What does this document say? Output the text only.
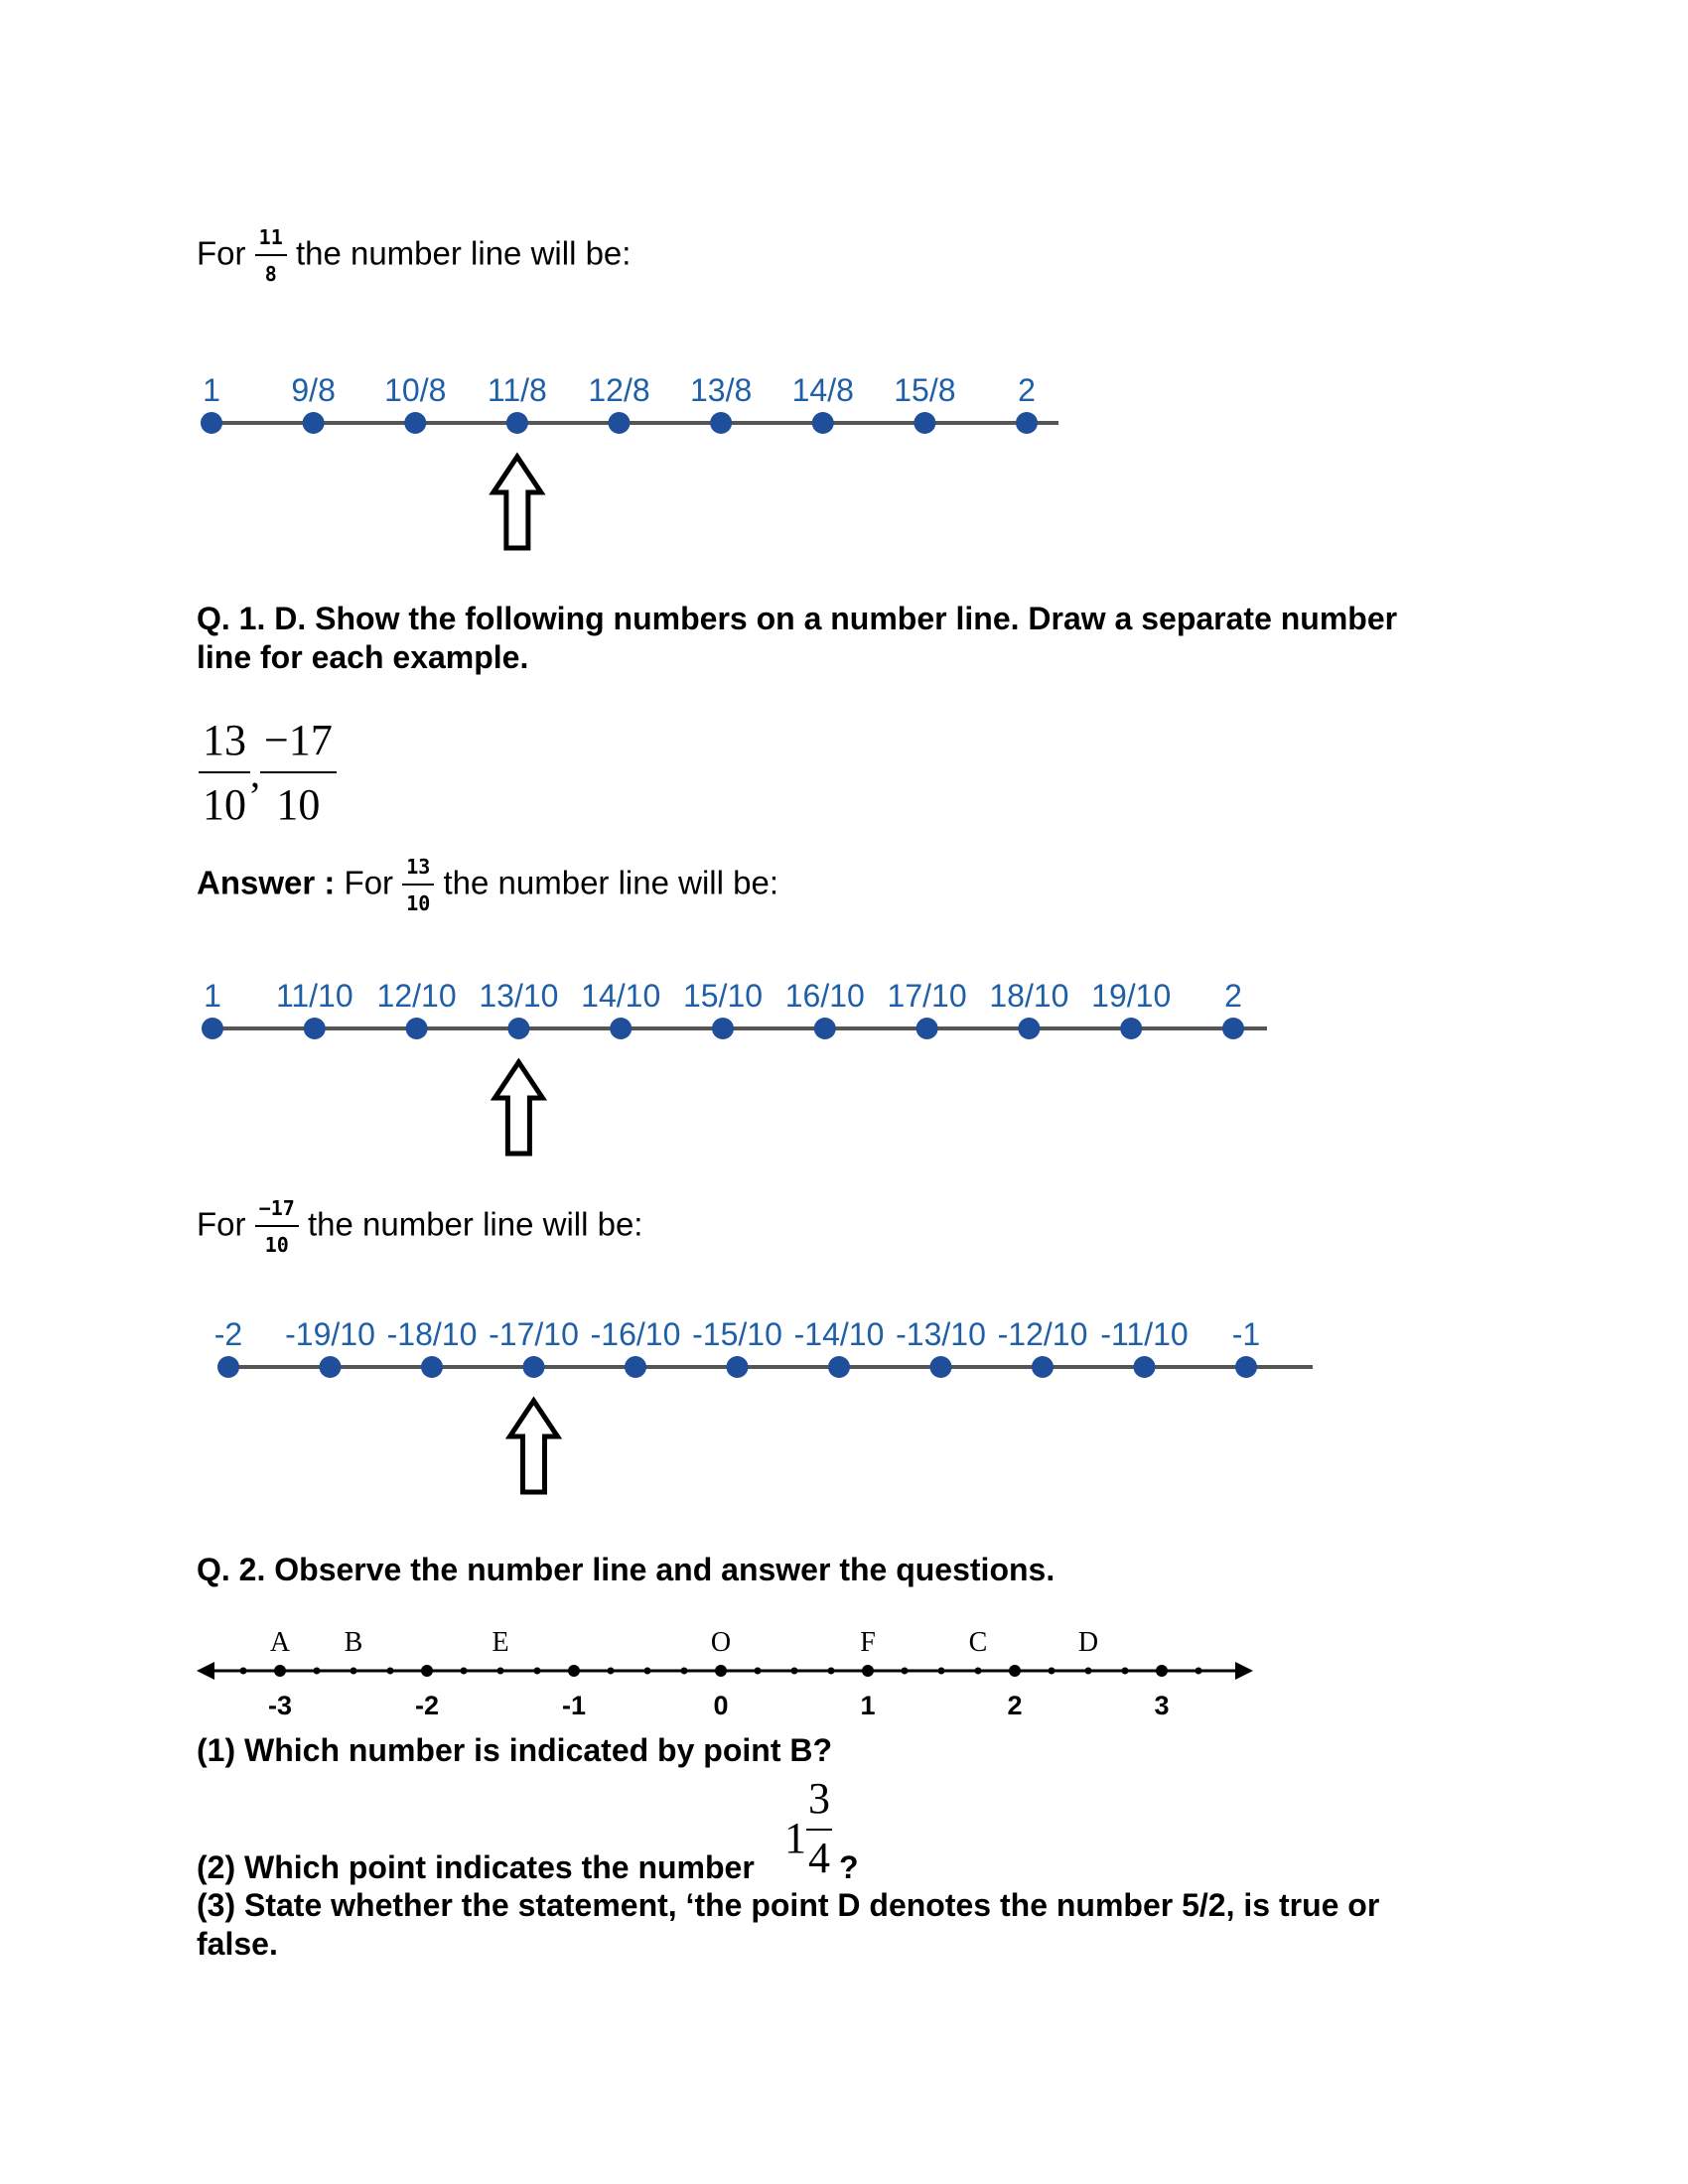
For $\frac{11}{8}$ the number line will be:
1 9/8 10/8 11/8 12/8 13/8 14/8 15/8 2
1 11/10 12/10 13/10 14/10 15/10 16/10 17/10 18/10 19/10 2
-2 -19/10 -18/10 -17/10 -16/10 -15/10 -14/10 -13/10 -12/10 -11/10 -1
-3	-2	-1	0	1	2	3
A B	E	O	F	C	D
Q. 1. D. Show the following numbers on a number line. Draw a separate number
line for each example.
$\frac{13}{10}$ , $\frac{-17}{10}$
Answer : For $\frac{13}{10}$ the number line will be:
For $\frac{-17}{10}$ the number line will be:
Q. 2. Observe the number line and answer the questions.
(1) Which number is indicated by point B?
(2) Which point indicates the number
1
3
4 ?
(3) State whether the statement, ‘the point D denotes the number 5/2, is true or
false.
